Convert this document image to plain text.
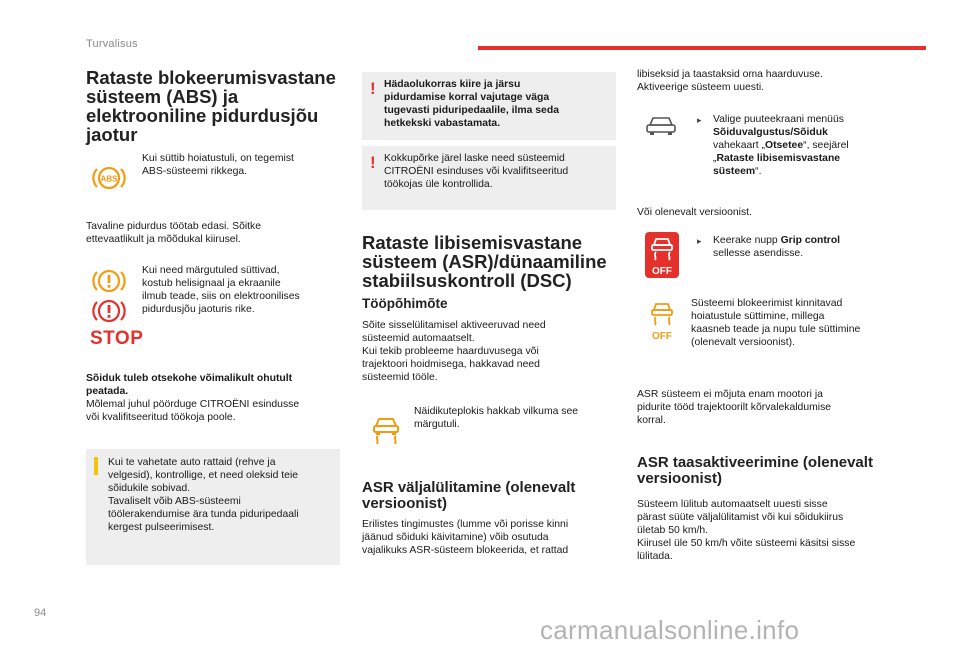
Turvalisus
Rataste blokeerumisvastane
süsteem (ABS) ja
elektrooniline pidurdusjõu
jaotur
ABS
Kui süttib hoiatustuli, on tegemist
ABS-süsteemi rikkega.
Tavaline pidurdus töötab edasi. Sõitke
ettevaatlikult ja mõõdukal kiirusel.
STOP
Kui need märgutuled süttivad,
kostub helisignaal ja ekraanile
ilmub teade, siis on elektroonilises
pidurdusjõu jaoturis rike.
Sõiduk tuleb otsekohe võimalikult ohutult
peatada.
Mõlemal juhul pöörduge CITROËNI esindusse
või kvalifitseeritud töökoja poole.
Kui te vahetate auto rattaid (rehve ja
velgesid), kontrollige, et need oleksid teie
sõidukile sobivad.
Tavaliselt võib ABS-süsteemi
töölerakendumise ära tunda piduripedaali
kergest pulseerimisest.
! Hädaolukorras kiire ja järsu
pidurdamise korral vajutage väga
tugevasti piduripedaalile, ilma seda
hetkekski vabastamata.
! Kokkupõrke järel laske need süsteemid
CITROËNI esinduses või kvalifitseeritud
töökojas üle kontrollida.
Rataste libisemisvastane
süsteem (ASR)/dünaamiline
stabiilsuskontroll (DSC)
Tööpõhimõte
Sõite sisselülitamisel aktiveeruvad need
süsteemid automaatselt.
Kui tekib probleeme haarduvusega või
trajektoori hoidmisega, hakkavad need
süsteemid tööle.
Näidikuteplokis hakkab vilkuma see
märgutuli.
ASR väljalülitamine (olenevalt
versioonist)
Erilistes tingimustes (lumme või porisse kinni
jäänud sõiduki käivitamine) võib osutuda
vajalikuks ASR-süsteem blokeerida, et rattad
libiseksid ja taastaksid oma haarduvuse.
Aktiveerige süsteem uuesti.
▸ Valige puuteekraani menüüs
Sõiduvalgustus/Sõiduk
vahekaart „Otsetee“, seejärel
„Rataste libisemisvastane
süsteem“.
Või olenevalt versioonist.
OFF
▸ Keerake nupp Grip control
sellesse asendisse.
OFF
Süsteemi blokeerimist kinnitavad
hoiatustule süttimine, millega
kaasneb teade ja nupu tule süttimine
(olenevalt versioonist).
ASR süsteem ei mõjuta enam mootori ja
pidurite tööd trajektoorilt kõrvalekaldumise
korral.
ASR taasaktiveerimine (olenevalt
versioonist)
Süsteem lülitub automaatselt uuesti sisse
pärast süüte väljalülitamist või kui sõidukiirus
ületab 50 km/h.
Kiirusel üle 50 km/h võite süsteemi käsitsi sisse
lülitada.
94
carmanualsonline.info
